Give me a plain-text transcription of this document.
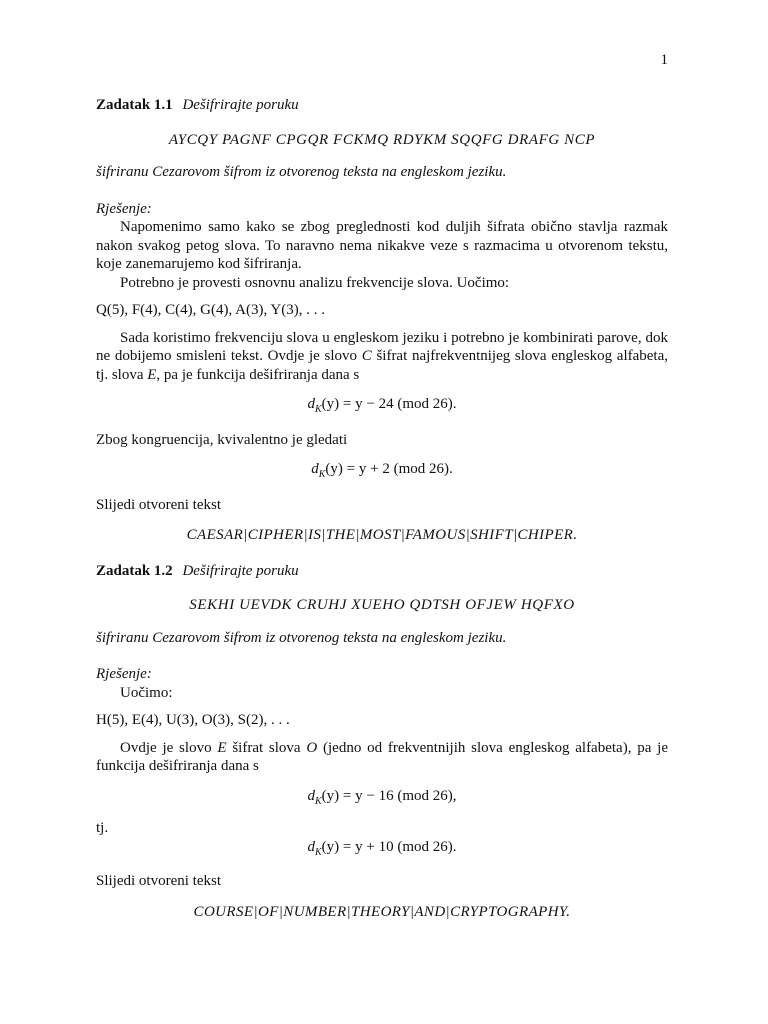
1

Zadatak 1.1 Dešifrirajte poruku

AYCQY PAGNF CPGQR FCKMQ RDYKM SQQFG DRAFG NCP

šifriranu Cezarovom šifrom iz otvorenog teksta na engleskom jeziku.

Rješenje:

Napomenimo samo kako se zbog preglednosti kod duljih šifrata obično stavlja razmak nakon svakog petog slova. To naravno nema nikakve veze s razmacima u otvorenom tekstu, koje zanemarujemo kod šifriranja.

Potrebno je provesti osnovnu analizu frekvencije slova. Uočimo:

Q(5), F(4), C(4), G(4), A(3), Y(3), . . .

Sada koristimo frekvenciju slova u engleskom jeziku i potrebno je kombinirati parove, dok ne dobijemo smisleni tekst. Ovdje je slovo C šifrat najfrekventnijeg slova engleskog alfabeta, tj. slova E, pa je funkcija dešifriranja dana s

$d_K(y) = y - 24$ (mod 26).

Zbog kongruencija, kvivalentno je gledati

$d_K(y) = y + 2$ (mod 26).

Slijedi otvoreni tekst

CAESAR|CIPHER|IS|THE|MOST|FAMOUS|SHIFT|CHIPER.

Zadatak 1.2 Dešifrirajte poruku

SEKHI UEVDK CRUHJ XUEHO QDTSH OFJEW HQFXO

šifriranu Cezarovom šifrom iz otvorenog teksta na engleskom jeziku.

Rješenje:

Uočimo:

H(5), E(4), U(3), O(3), S(2), . . .

Ovdje je slovo E šifrat slova O (jedno od frekventnijih slova engleskog alfabeta), pa je funkcija dešifriranja dana s

$d_K(y) = y - 16$ (mod 26),

tj.

$d_K(y) = y + 10$ (mod 26).

Slijedi otvoreni tekst

COURSE|OF|NUMBER|THEORY|AND|CRYPTOGRAPHY.
